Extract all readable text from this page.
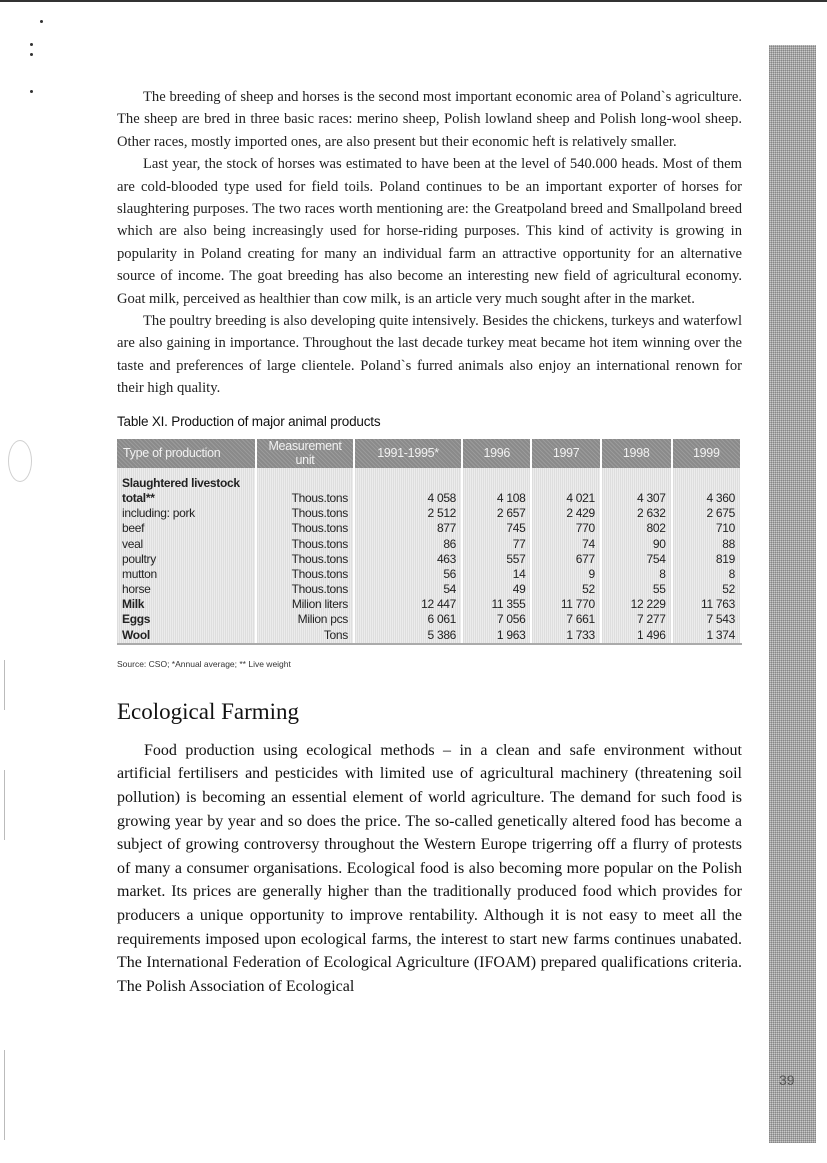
39

The breeding of sheep and horses is the second most important economic area of Poland`s agriculture. The sheep are bred in three basic races: merino sheep, Polish lowland sheep and Polish long-wool sheep. Other races, mostly imported ones, are also present but their economic heft is relatively smaller.

Last year, the stock of horses was estimated to have been at the level of 540.000 heads. Most of them are cold-blooded type used for field toils. Poland continues to be an important exporter of horses for slaughtering purposes. The two races worth mentioning are: the Greatpoland breed and Smallpoland breed which are also being increasingly used for horse-riding purposes. This kind of activity is growing in popularity in Poland creating for many an individual farm an attractive opportunity for an alternative source of income. The goat breeding has also become an interesting new field of agricultural economy. Goat milk, perceived as healthier than cow milk, is an article very much sought after in the market.

The poultry breeding is also developing quite intensively. Besides the chickens, turkeys and waterfowl are also gaining in importance. Throughout the last decade turkey meat became hot item winning over the taste and preferences of large clientele. Poland`s furred animals also enjoy an international renown for their high quality.

Table XI. Production of major animal products
Type of production	Measurement unit	1991-1995*	1996	1997	1998	1999

Slaughtered livestock						
total**	Thous.tons	4 058	4 108	4 021	4 307	4 360
including: pork	Thous.tons	2 512	2 657	2 429	2 632	2 675
beef	Thous.tons	877	745	770	802	710
veal	Thous.tons	86	77	74	90	88
poultry	Thous.tons	463	557	677	754	819
mutton	Thous.tons	56	14	9	8	8
horse	Thous.tons	54	49	52	55	52
Milk	Milion liters	12 447	11 355	11 770	12 229	11 763
Eggs	Milion pcs	6 061	7 056	7 661	7 277	7 543
Wool	Tons	5 386	1 963	1 733	1 496	1 374

Source: CSO; *Annual average; ** Live weight

Ecological Farming

Food production using ecological methods – in a clean and safe environment without artificial fertilisers and pesticides with limited use of agricultural machinery (threatening soil pollution) is becoming an essential element of world agriculture. The demand for such food is growing year by year and so does the price. The so-called genetically altered food has become a subject of growing controversy throughout the Western Europe trigerring off a flurry of protests of many a consumer organisations. Ecological food is also becoming more popular on the Polish market. Its prices are generally higher than the traditionally produced food which provides for producers a unique opportunity to improve rentability. Although it is not easy to meet all the requirements imposed upon ecological farms, the interest to start new farms continues unabated. The International Federation of Ecological Agriculture (IFOAM) prepared qualifications criteria. The Polish Association of Ecological
